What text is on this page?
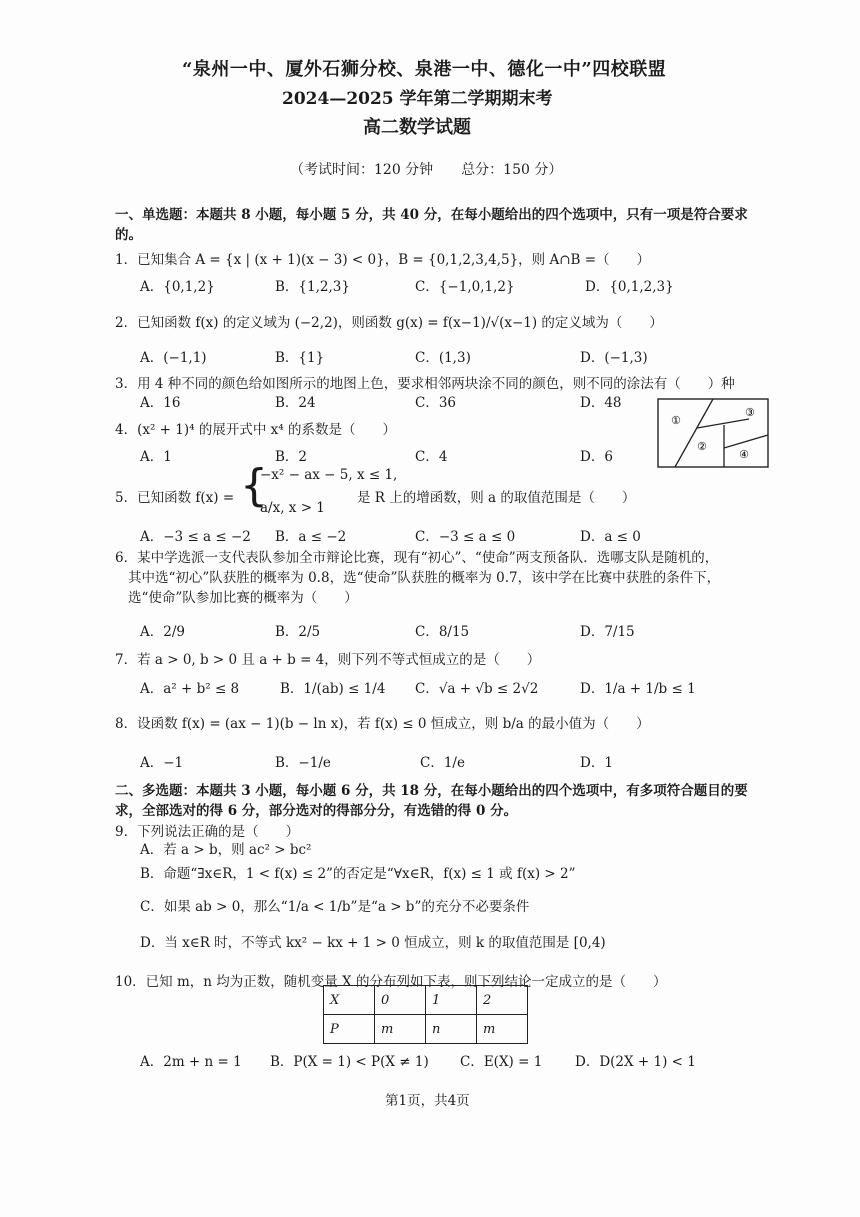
“泉州一中、厦外石狮分校、泉港一中、德化一中”四校联盟
2024—2025 学年第二学期期末考
高二数学试题
（考试时间：120 分钟　　总分：150 分）
一、单选题：本题共 8 小题，每小题 5 分，共 40 分，在每小题给出的四个选项中，只有一项是符合要求
的。
1．已知集合 A = {x | (x + 1)(x − 3) < 0}，B = {0,1,2,3,4,5}，则 A∩B =（　　）
A．{0,1,2}	B．{1,2,3}	C．{−1,0,1,2}	D．{0,1,2,3}
2．已知函数 f(x) 的定义域为 (−2,2)，则函数 g(x) = f(x−1)/√(x−1) 的定义域为（　　）
A．(−1,1)	B．{1}	C．(1,3)	D．(−1,3)
3．用 4 种不同的颜色给如图所示的地图上色，要求相邻两块涂不同的颜色，则不同的涂法有（　　）种
A．16	B．24	C．36	D．48
①
②
③
④
4．(x² + 1)⁴ 的展开式中 x⁴ 的系数是（　　）
A．1	B．2	C．4	D．6
5．已知函数 f(x) = {
−x² − ax − 5, x ≤ 1,
a/x, x > 1
是 R 上的增函数，则 a 的取值范围是（　　）
A．−3 ≤ a ≤ −2 B．a ≤ −2	C．−3 ≤ a ≤ 0	D．a ≤ 0
6．某中学选派一支代表队参加全市辩论比赛，现有“初心”、“使命”两支预备队．选哪支队是随机的，
其中选“初心”队获胜的概率为 0.8，选“使命”队获胜的概率为 0.7，该中学在比赛中获胜的条件下，
选“使命”队参加比赛的概率为（　　）
A．2/9	B．2/5	C．8/15	D．7/15
7．若 a > 0, b > 0 且 a + b = 4，则下列不等式恒成立的是（　　）
A．a² + b² ≤ 8	B．1/(ab) ≤ 1/4 C．√a + √b ≤ 2√2	D．1/a + 1/b ≤ 1
8．设函数 f(x) = (ax − 1)(b − ln x)，若 f(x) ≤ 0 恒成立，则 b/a 的最小值为（　　）
A．−1	B．−1/e	C．1/e	D．1
二、多选题：本题共 3 小题，每小题 6 分，共 18 分，在每小题给出的四个选项中，有多项符合题目的要
求，全部选对的得 6 分，部分选对的得部分分，有选错的得 0 分。
9．下列说法正确的是（　　）
A．若 a > b，则 ac² > bc²
B．命题“∃x∈R，1 < f(x) ≤ 2”的否定是“∀x∈R，f(x) ≤ 1 或 f(x) > 2”
C．如果 ab > 0，那么“1/a < 1/b”是“a > b”的充分不必要条件
D．当 x∈R 时，不等式 kx² − kx + 1 > 0 恒成立，则 k 的取值范围是 [0,4)
10．已知 m，n 均为正数，随机变量 X 的分布列如下表，则下列结论一定成立的是（　　）
X	0	1	2
P	m	n	m
A．2m + n = 1 B．P(X = 1) < P(X ≠ 1) C．E(X) = 1 D．D(2X + 1) < 1
第1页，共4页
